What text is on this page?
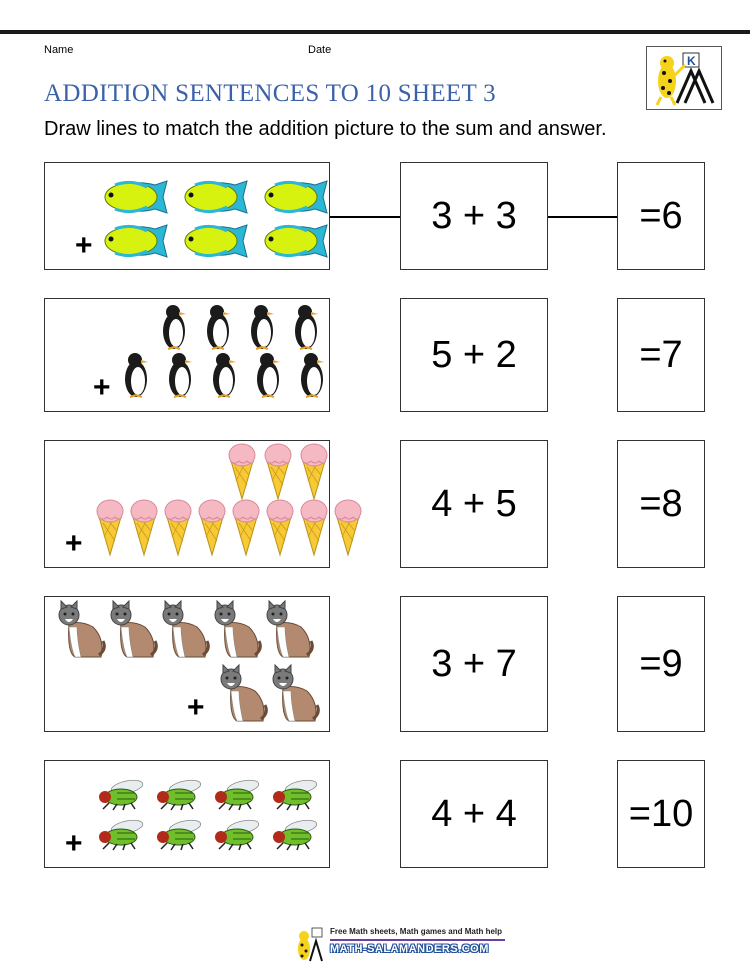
Name	Date
ADDITION SENTENCES TO 10 SHEET 3
Draw lines to match the addition picture to the sum and answer.
K
+
3 + 3	=6
+
5 + 2	=7
+
4 + 5	=8
+
3 + 7	=9
+
4 + 4	=10
Free Math sheets, Math games and Math help
MATH-SALAMANDERS.COM
